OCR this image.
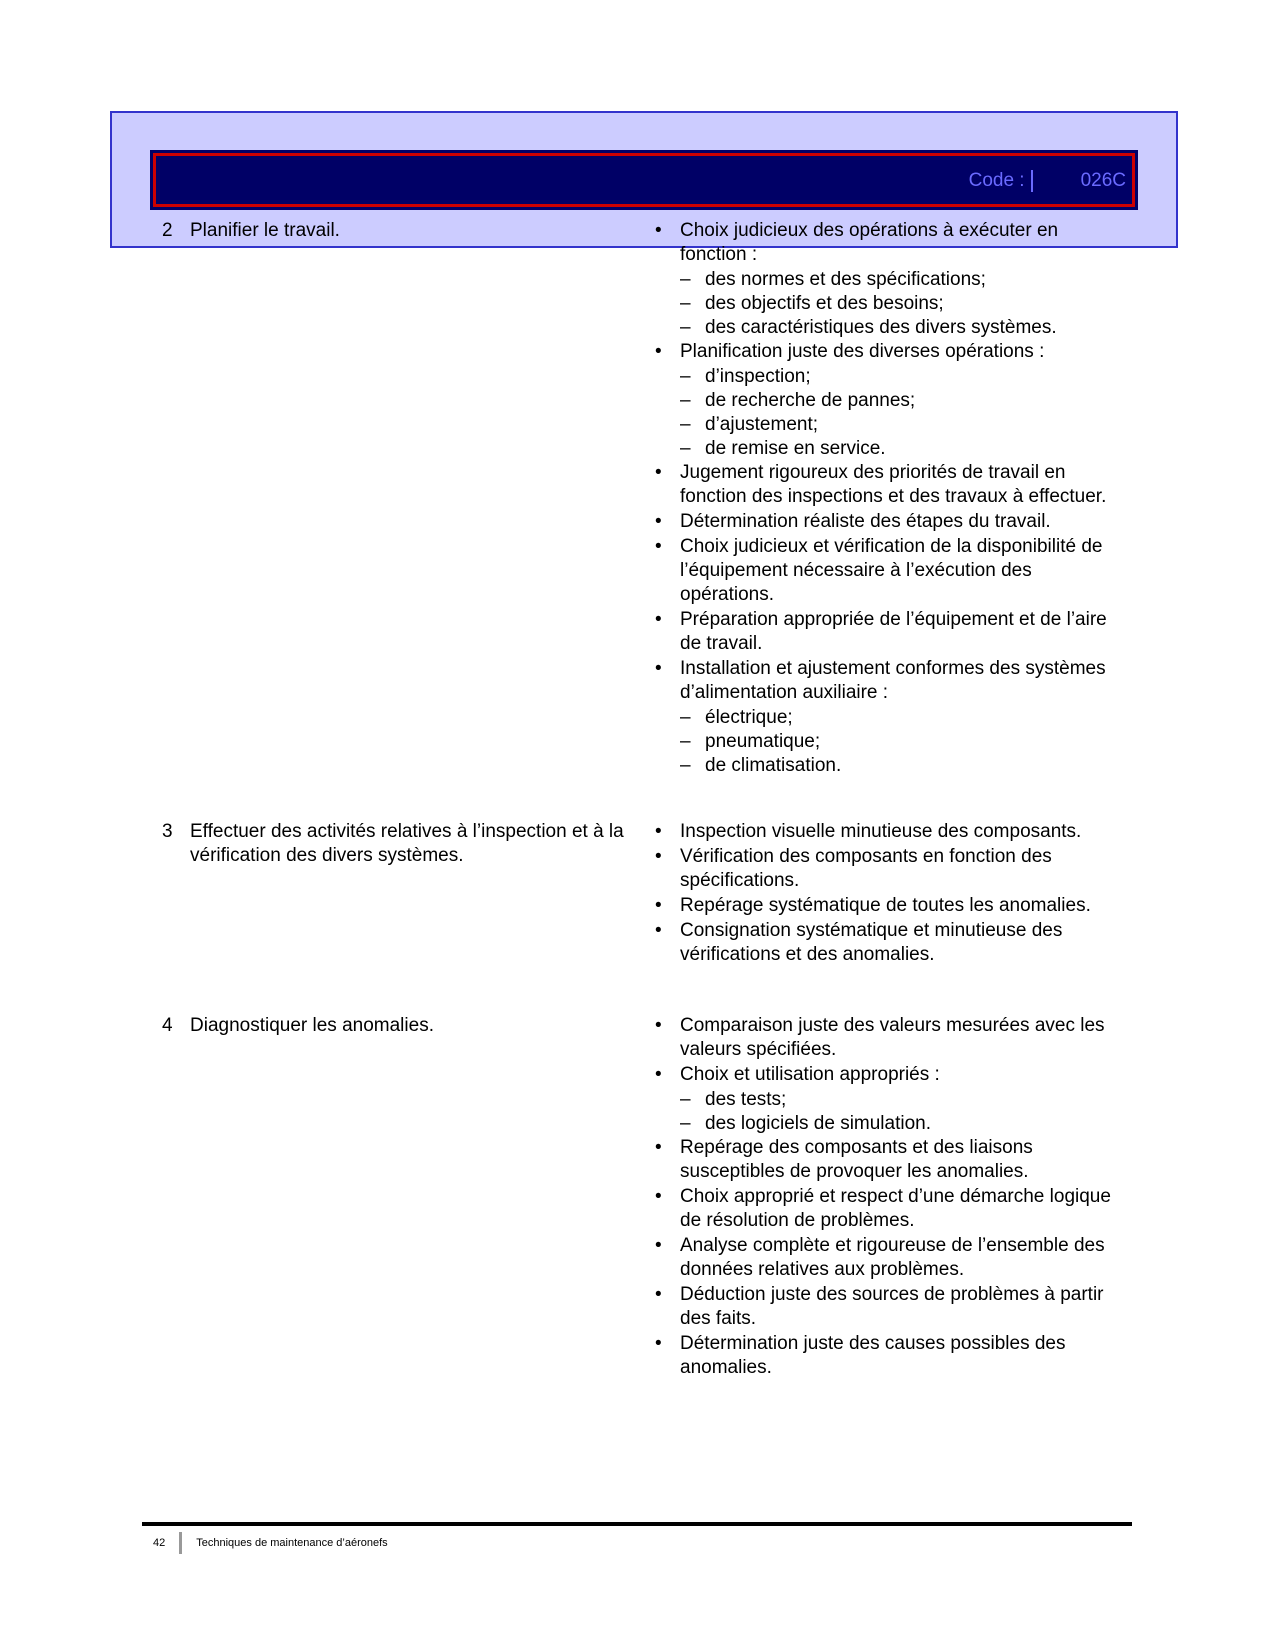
Code :	026C
2 Planifier le travail.	• Choix judicieux des opérations à exécuter en fonction :
– des normes et des spécifications;
– des objectifs et des besoins;
– des caractéristiques des divers systèmes.
• Planification juste des diverses opérations :
– d’inspection;
– de recherche de pannes;
– d’ajustement;
– de remise en service.
• Jugement rigoureux des priorités de travail en fonction des inspections et des travaux à effectuer.
• Détermination réaliste des étapes du travail.
• Choix judicieux et vérification de la disponibilité de l’équipement nécessaire à l’exécution des opérations.
• Préparation appropriée de l’équipement et de l’aire de travail.
• Installation et ajustement conformes des systèmes d’alimentation auxiliaire :
– électrique;
– pneumatique;
– de climatisation.
3 Effectuer des activités relatives à l’inspection et à la vérification des divers systèmes.
• Inspection visuelle minutieuse des composants.
• Vérification des composants en fonction des spécifications.
• Repérage systématique de toutes les anomalies.
• Consignation systématique et minutieuse des vérifications et des anomalies.
4 Diagnostiquer les anomalies.	• Comparaison juste des valeurs mesurées avec les valeurs spécifiées.
• Choix et utilisation appropriés :
– des tests;
– des logiciels de simulation.
• Repérage des composants et des liaisons susceptibles de provoquer les anomalies.
• Choix approprié et respect d’une démarche logique de résolution de problèmes.
• Analyse complète et rigoureuse de l’ensemble des données relatives aux problèmes.
• Déduction juste des sources de problèmes à partir des faits.
• Détermination juste des causes possibles des anomalies.
42	Techniques de maintenance d’aéronefs
